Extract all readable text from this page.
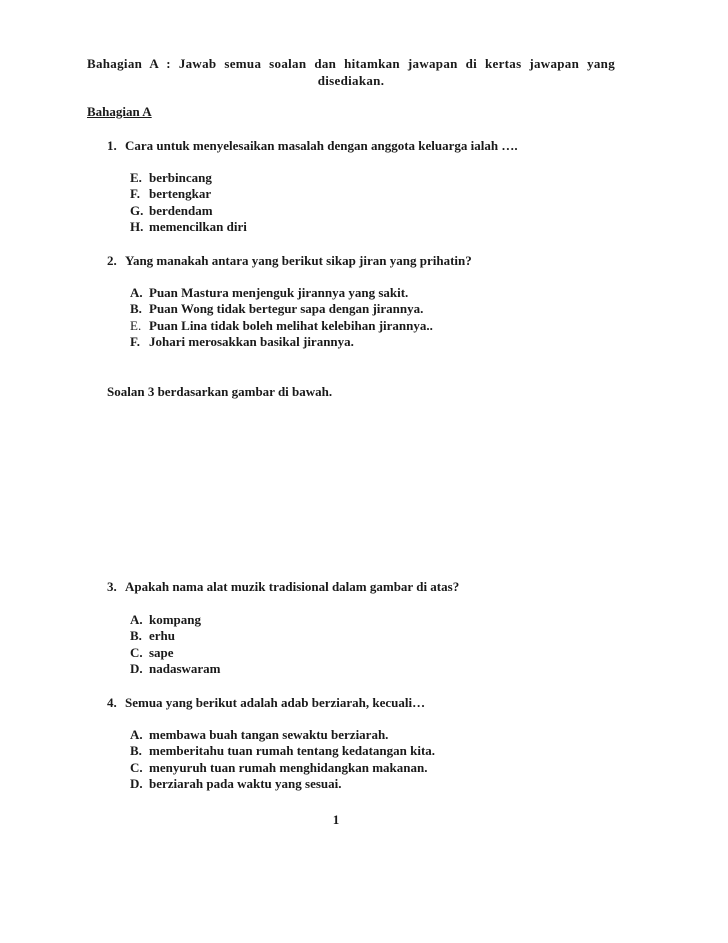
Bahagian A : Jawab semua soalan dan hitamkan jawapan di kertas jawapan yang
disediakan.
Bahagian A
1. Cara untuk menyelesaikan masalah dengan anggota keluarga ialah ….
E. berbincang
F. bertengkar
G. berdendam
H. memencilkan diri
2. Yang manakah antara yang berikut sikap jiran yang prihatin?
A. Puan Mastura menjenguk jirannya yang sakit.
B. Puan Wong tidak bertegur sapa dengan jirannya.
E. Puan Lina tidak boleh melihat kelebihan jirannya..
F. Johari merosakkan basikal jirannya.
Soalan 3 berdasarkan gambar di bawah.
3. Apakah nama alat muzik tradisional dalam gambar di atas?
A. kompang
B. erhu
C. sape
D. nadaswaram
4. Semua yang berikut adalah adab berziarah, kecuali…
A. membawa buah tangan sewaktu berziarah.
B. memberitahu tuan rumah tentang kedatangan kita.
C. menyuruh tuan rumah menghidangkan makanan.
D. berziarah pada waktu yang sesuai.
1
